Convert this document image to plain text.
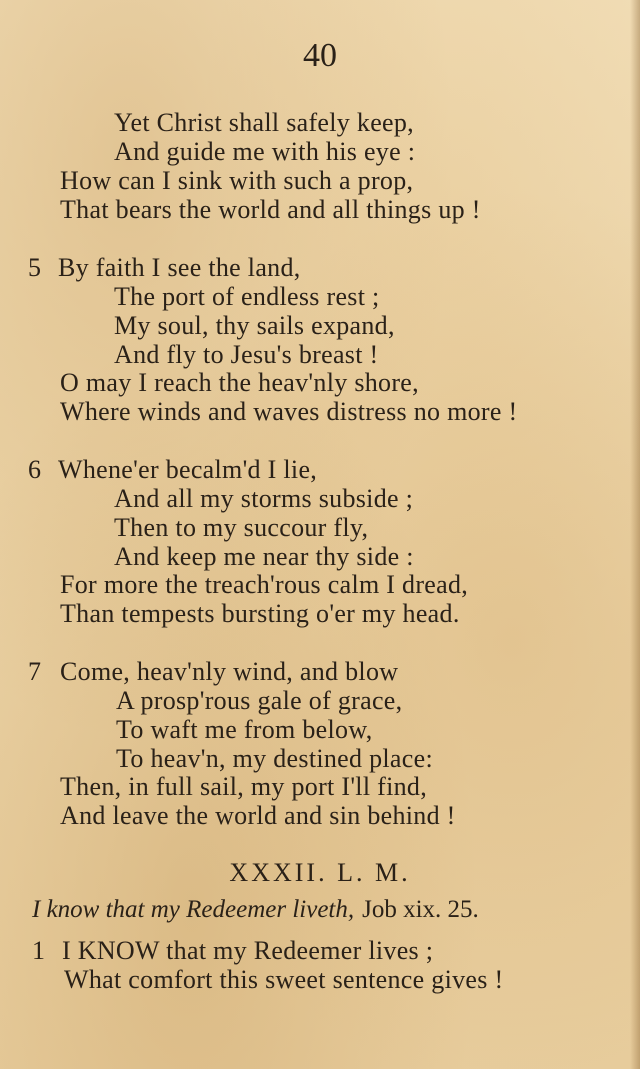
40
Yet Christ shall safely keep,
And guide me with his eye :
How can I sink with such a prop,
That bears the world and all things up !
5 By faith I see the land,
The port of endless rest ;
My soul, thy sails expand,
And fly to Jesu's breast !
O may I reach the heav'nly shore,
Where winds and waves distress no more !
6 Whene'er becalm'd I lie,
And all my storms subside ;
Then to my succour fly,
And keep me near thy side :
For more the treach'rous calm I dread,
Than tempests bursting o'er my head.
7 Come, heav'nly wind, and blow
A prosp'rous gale of grace,
To waft me from below,
To heav'n, my destined place:
Then, in full sail, my port I'll find,
And leave the world and sin behind !
XXXII. L. M.
I know that my Redeemer liveth, Job xix. 25.
1 I KNOW that my Redeemer lives ;
What comfort this sweet sentence gives !
